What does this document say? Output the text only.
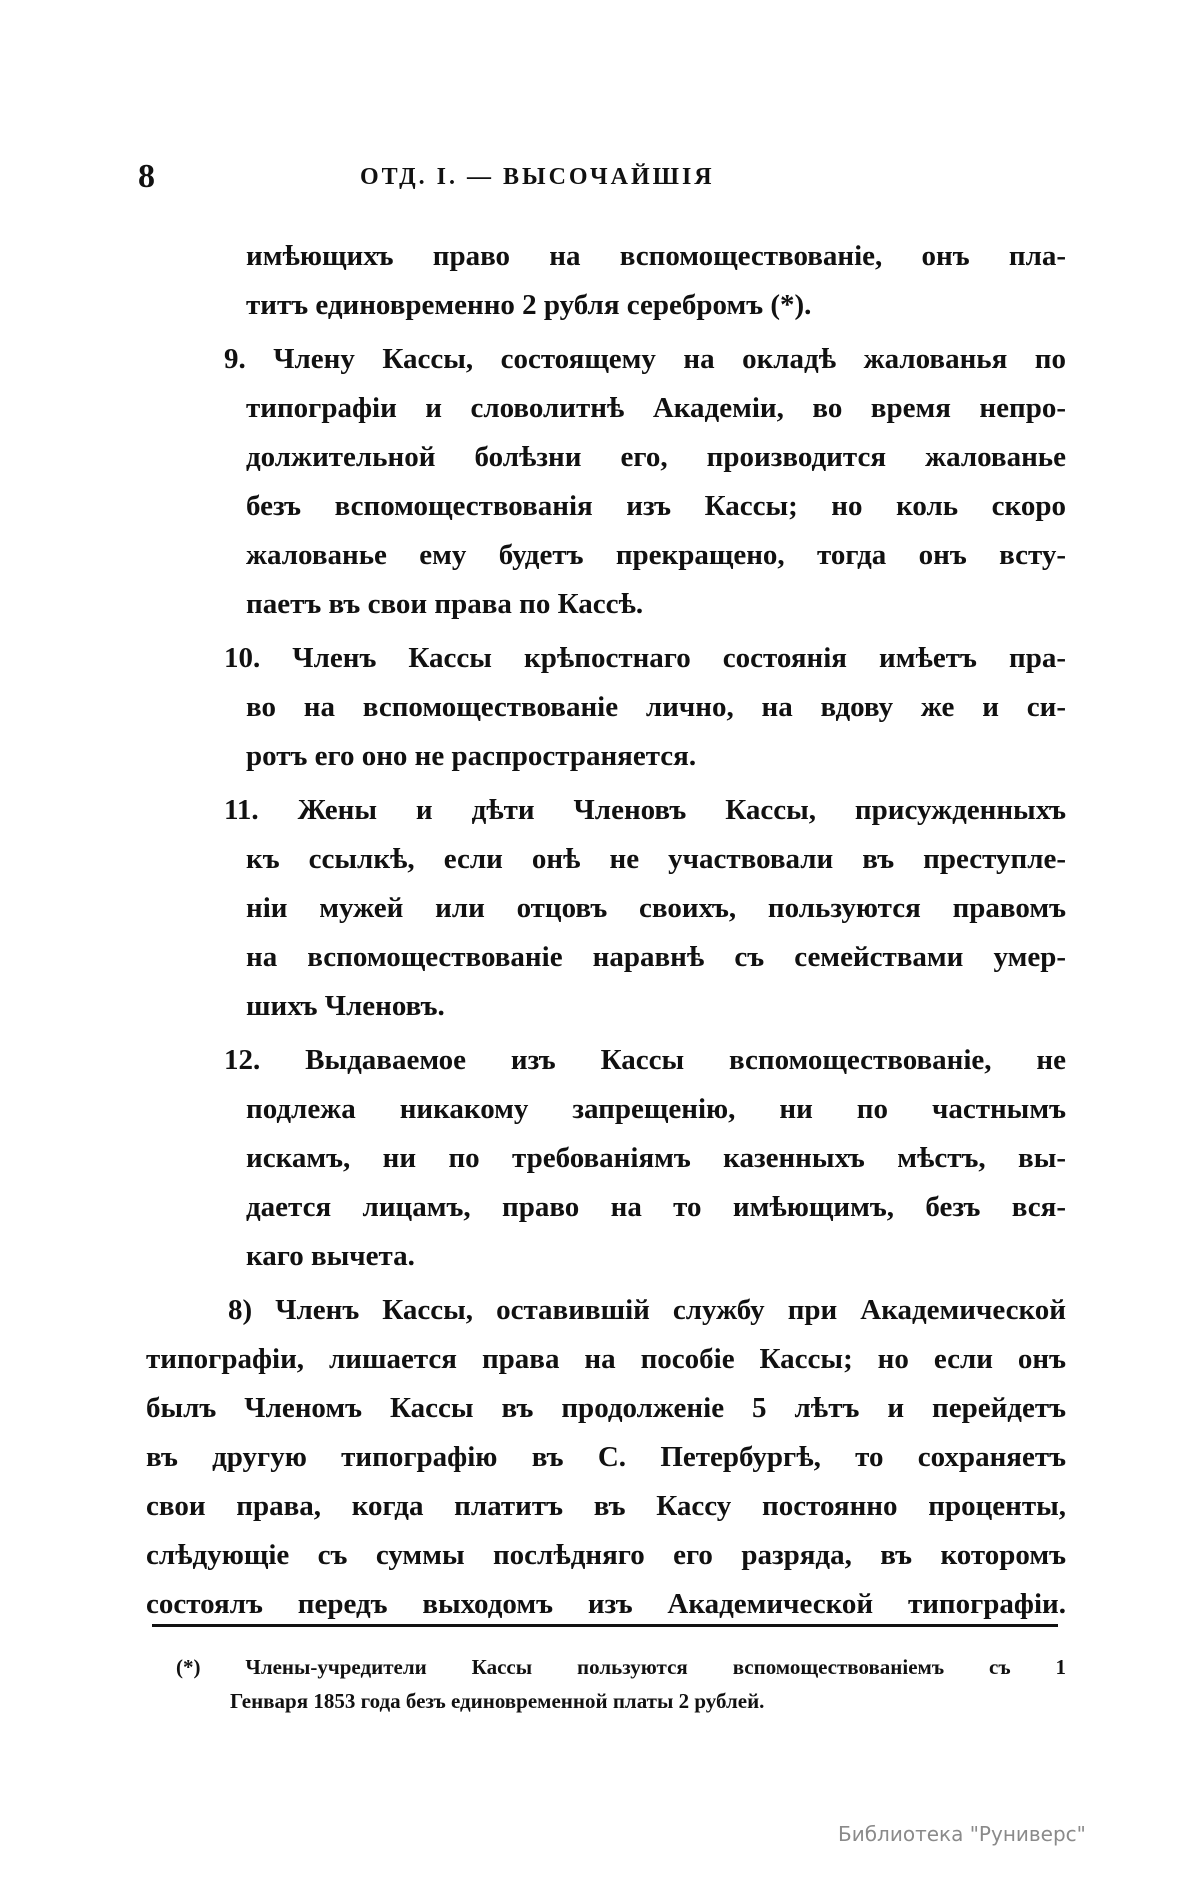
8	ОТД. I. — ВЫСОЧАЙШІЯ
имѣющихъ право на вспомоществованіе, онъ пла-
титъ единовременно 2 рубля серебромъ (*).
9. Члену Кассы, состоящему на окладѣ жалованья по
типографіи и словолитнѣ Академіи, во время непро-
должительной болѣзни его, производится жалованье
безъ вспомоществованія изъ Кассы; но коль скоро
жалованье ему будетъ прекращено, тогда онъ всту-
паетъ въ свои права по Кассѣ.
10. Членъ Кассы крѣпостнаго состоянія имѣетъ пра-
во на вспомоществованіе лично, на вдову же и си-
ротъ его оно не распространяется.
11. Жены и дѣти Членовъ Кассы, присужденныхъ
къ ссылкѣ, если онѣ не участвовали въ преступле-
ніи мужей или отцовъ своихъ, пользуются правомъ
на вспомоществованіе наравнѣ съ семействами умер-
шихъ Членовъ.
12. Выдаваемое изъ Кассы вспомоществованіе, не
подлежа никакому запрещенію, ни по частнымъ
искамъ, ни по требованіямъ казенныхъ мѣстъ, вы-
дается лицамъ, право на то имѣющимъ, безъ вся-
каго вычета.
8) Членъ Кассы, оставившій службу при Академической
типографіи, лишается права на пособіе Кассы; но если онъ
былъ Членомъ Кассы въ продолженіе 5 лѣтъ и перейдетъ
въ другую типографію въ С. Петербургѣ, то сохраняетъ
свои права, когда платитъ въ Кассу постоянно проценты,
слѣдующіе съ суммы послѣдняго его разряда, въ которомъ
состоялъ передъ выходомъ изъ Академической типографіи.
(*) Члены-учредители Кассы пользуются вспомоществованіемъ съ 1
Генваря 1853 года безъ единовременной платы 2 рублей.
Библиотека "Руниверс"
